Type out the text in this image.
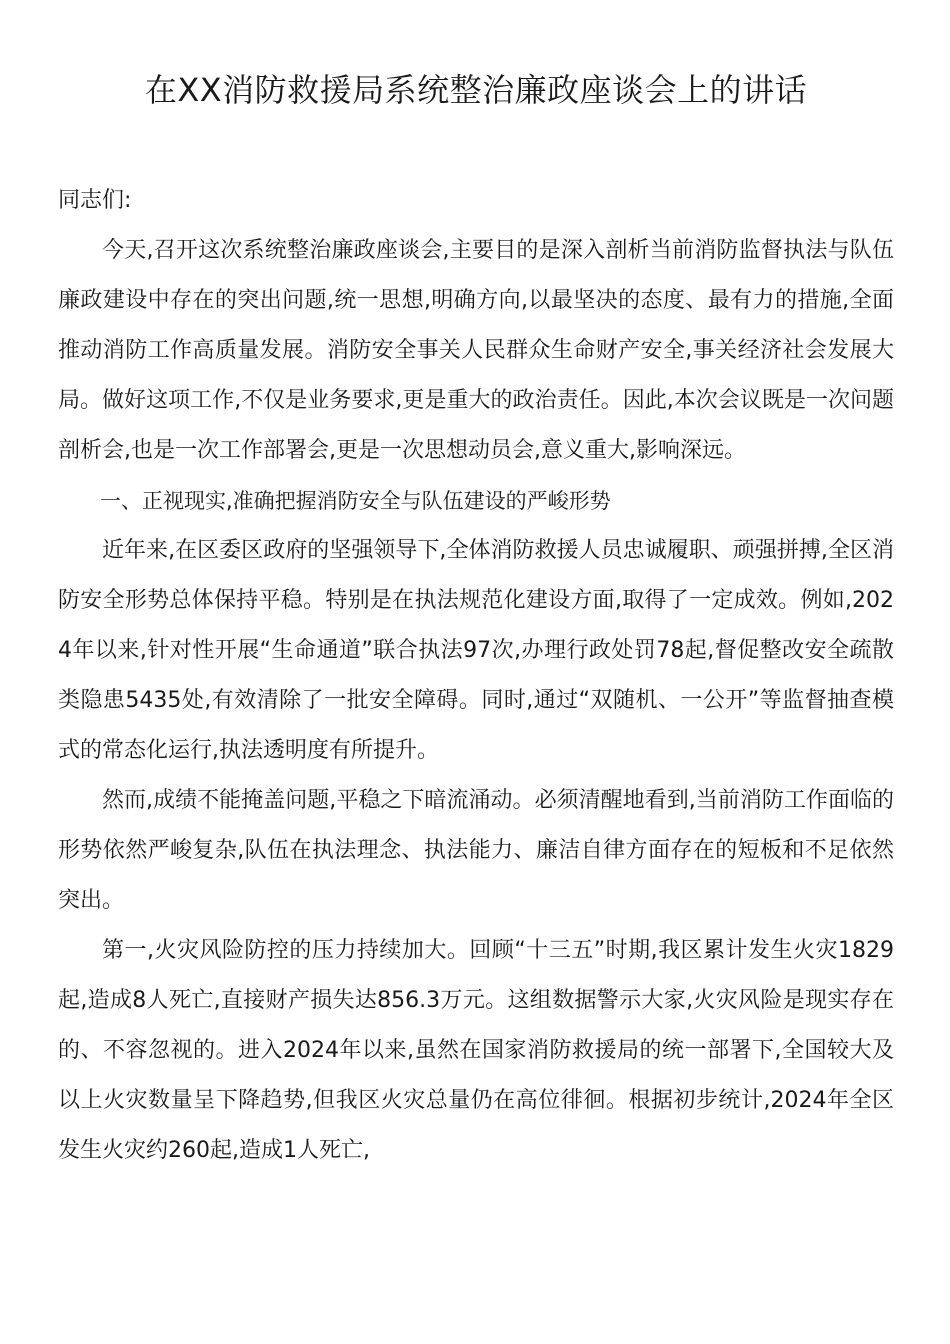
在XX消防救援局系统整治廉政座谈会上的讲话

同志们:

今天,召开这次系统整治廉政座谈会,主要目的是深入剖析当前消防监督执法与队伍廉政建设中存在的突出问题,统一思想,明确方向,以最坚决的态度、最有力的措施,全面推动消防工作高质量发展。消防安全事关人民群众生命财产安全,事关经济社会发展大局。做好这项工作,不仅是业务要求,更是重大的政治责任。因此,本次会议既是一次问题剖析会,也是一次工作部署会,更是一次思想动员会,意义重大,影响深远。

一、正视现实,准确把握消防安全与队伍建设的严峻形势

近年来,在区委区政府的坚强领导下,全体消防救援人员忠诚履职、顽强拼搏,全区消防安全形势总体保持平稳。特别是在执法规范化建设方面,取得了一定成效。例如,2024年以来,针对性开展“生命通道”联合执法97次,办理行政处罚78起,督促整改安全疏散类隐患5435处,有效清除了一批安全障碍。同时,通过“双随机、一公开”等监督抽查模式的常态化运行,执法透明度有所提升。

然而,成绩不能掩盖问题,平稳之下暗流涌动。必须清醒地看到,当前消防工作面临的形势依然严峻复杂,队伍在执法理念、执法能力、廉洁自律方面存在的短板和不足依然突出。

第一,火灾风险防控的压力持续加大。回顾“十三五”时期,我区累计发生火灾1829起,造成8人死亡,直接财产损失达856.3万元。这组数据警示大家,火灾风险是现实存在的、不容忽视的。进入2024年以来,虽然在国家消防救援局的统一部署下,全国较大及以上火灾数量呈下降趋势,但我区火灾总量仍在高位徘徊。根据初步统计,2024年全区发生火灾约260起,造成1人死亡,
